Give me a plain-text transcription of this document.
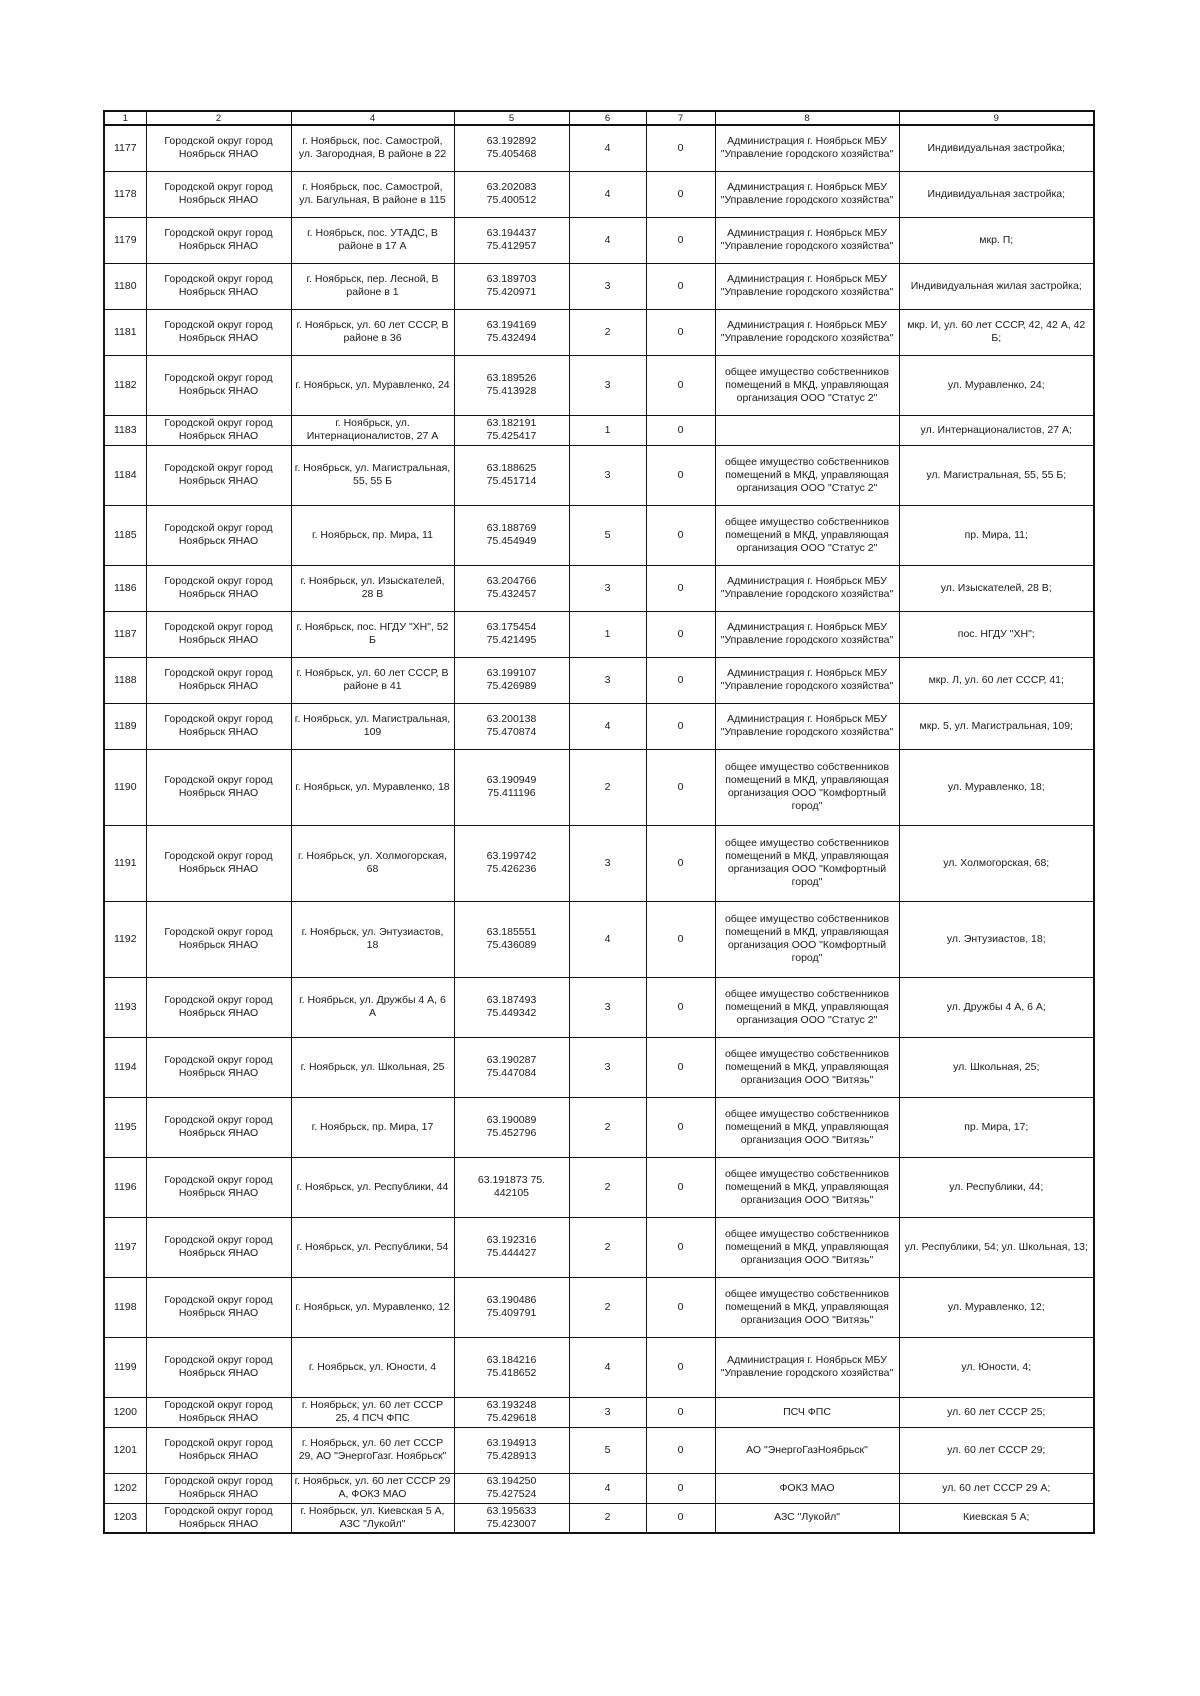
1	2	4	5	6	7	8	9
1177	Городской округ город Ноябрьск ЯНАО	г. Ноябрьск, пос. Самострой, ул. Загородная, В районе в 22	63.192892 75.405468	4	0	Администрация г. Ноябрьск МБУ "Управление городского хозяйства"	Индивидуальная застройка;
1178	Городской округ город Ноябрьск ЯНАО	г. Ноябрьск, пос. Самострой, ул. Багульная, В районе в 115	63.202083 75.400512	4	0	Администрация г. Ноябрьск МБУ "Управление городского хозяйства"	Индивидуальная застройка;
1179	Городской округ город Ноябрьск ЯНАО	г. Ноябрьск, пос. УТАДС, В районе в 17 А	63.194437 75.412957	4	0	Администрация г. Ноябрьск МБУ "Управление городского хозяйства"	мкр. П;
1180	Городской округ город Ноябрьск ЯНАО	г. Ноябрьск, пер. Лесной, В районе в 1	63.189703 75.420971	3	0	Администрация г. Ноябрьск МБУ "Управление городского хозяйства"	Индивидуальная жилая застройка;
1181	Городской округ город Ноябрьск ЯНАО	г. Ноябрьск, ул. 60 лет СССР, В районе в 36	63.194169 75.432494	2	0	Администрация г. Ноябрьск МБУ "Управление городского хозяйства"	мкр. И, ул. 60 лет СССР, 42, 42 А, 42 Б;
1182	Городской округ город Ноябрьск ЯНАО	г. Ноябрьск, ул. Муравленко, 24	63.189526 75.413928	3	0	общее имущество собственников помещений в МКД, управляющая организация ООО "Статус 2"	ул. Муравленко, 24;
1183	Городской округ город Ноябрьск ЯНАО	г. Ноябрьск, ул. Интернационалистов, 27 А	63.182191 75.425417	1	0		ул. Интернационалистов, 27 А;
1184	Городской округ город Ноябрьск ЯНАО	г. Ноябрьск, ул. Магистральная, 55, 55 Б	63.188625 75.451714	3	0	общее имущество собственников помещений в МКД, управляющая организация ООО "Статус 2"	ул. Магистральная, 55, 55 Б;
1185	Городской округ город Ноябрьск ЯНАО	г. Ноябрьск, пр. Мира, 11	63.188769 75.454949	5	0	общее имущество собственников помещений в МКД, управляющая организация ООО "Статус 2"	пр. Мира, 11;
1186	Городской округ город Ноябрьск ЯНАО	г. Ноябрьск, ул. Изыскателей, 28 В	63.204766 75.432457	3	0	Администрация г. Ноябрьск МБУ "Управление городского хозяйства"	ул. Изыскателей, 28 В;
1187	Городской округ город Ноябрьск ЯНАО	г. Ноябрьск, пос. НГДУ "ХН", 52 Б	63.175454 75.421495	1	0	Администрация г. Ноябрьск МБУ "Управление городского хозяйства"	пос. НГДУ "ХН";
1188	Городской округ город Ноябрьск ЯНАО	г. Ноябрьск, ул. 60 лет СССР, В районе в 41	63.199107 75.426989	3	0	Администрация г. Ноябрьск МБУ "Управление городского хозяйства"	мкр. Л, ул. 60 лет СССР, 41;
1189	Городской округ город Ноябрьск ЯНАО	г. Ноябрьск, ул. Магистральная, 109	63.200138 75.470874	4	0	Администрация г. Ноябрьск МБУ "Управление городского хозяйства"	мкр. 5, ул. Магистральная, 109;
1190	Городской округ город Ноябрьск ЯНАО	г. Ноябрьск, ул. Муравленко, 18	63.190949 75.411196	2	0	общее имущество собственников помещений в МКД, управляющая организация ООО "Комфортный город"	ул. Муравленко, 18;
1191	Городской округ город Ноябрьск ЯНАО	г. Ноябрьск, ул. Холмогорская, 68	63.199742 75.426236	3	0	общее имущество собственников помещений в МКД, управляющая организация ООО "Комфортный город"	ул. Холмогорская, 68;
1192	Городской округ город Ноябрьск ЯНАО	г. Ноябрьск, ул. Энтузиастов, 18	63.185551 75.436089	4	0	общее имущество собственников помещений в МКД, управляющая организация ООО "Комфортный город"	ул. Энтузиастов, 18;
1193	Городской округ город Ноябрьск ЯНАО	г. Ноябрьск, ул. Дружбы 4 А, 6 А	63.187493 75.449342	3	0	общее имущество собственников помещений в МКД, управляющая организация ООО "Статус 2"	ул. Дружбы 4 А, 6 А;
1194	Городской округ город Ноябрьск ЯНАО	г. Ноябрьск, ул. Школьная, 25	63.190287 75.447084	3	0	общее имущество собственников помещений в МКД, управляющая организация ООО "Витязь"	ул. Школьная, 25;
1195	Городской округ город Ноябрьск ЯНАО	г. Ноябрьск, пр. Мира, 17	63.190089 75.452796	2	0	общее имущество собственников помещений в МКД, управляющая организация ООО "Витязь"	пр. Мира, 17;
1196	Городской округ город Ноябрьск ЯНАО	г. Ноябрьск, ул. Республики, 44	63.191873 75. 442105	2	0	общее имущество собственников помещений в МКД, управляющая организация ООО "Витязь"	ул. Республики, 44;
1197	Городской округ город Ноябрьск ЯНАО	г. Ноябрьск, ул. Республики, 54	63.192316 75.444427	2	0	общее имущество собственников помещений в МКД, управляющая организация ООО "Витязь"	ул. Республики, 54; ул. Школьная, 13;
1198	Городской округ город Ноябрьск ЯНАО	г. Ноябрьск, ул. Муравленко, 12	63.190486 75.409791	2	0	общее имущество собственников помещений в МКД, управляющая организация ООО "Витязь"	ул. Муравленко, 12;
1199	Городской округ город Ноябрьск ЯНАО	г. Ноябрьск, ул. Юности, 4	63.184216 75.418652	4	0	Администрация г. Ноябрьск МБУ "Управление городского хозяйства"	ул. Юности, 4;
1200	Городской округ город Ноябрьск ЯНАО	г. Ноябрьск, ул. 60 лет СССР 25, 4 ПСЧ ФПС	63.193248 75.429618	3	0	ПСЧ ФПС	ул. 60 лет СССР 25;
1201	Городской округ город Ноябрьск ЯНАО	г. Ноябрьск, ул. 60 лет СССР 29, АО "ЭнергоГазг. Ноябрьск"	63.194913 75.428913	5	0	АО "ЭнергоГазНоябрьск"	ул. 60 лет СССР 29;
1202	Городской округ город Ноябрьск ЯНАО	г. Ноябрьск, ул. 60 лет СССР 29 А, ФОКЗ МАО	63.194250 75.427524	4	0	ФОКЗ МАО	ул. 60 лет СССР 29 А;
1203	Городской округ город Ноябрьск ЯНАО	г. Ноябрьск, ул. Киевская 5 А, АЗС "Лукойл"	63.195633 75.423007	2	0	АЗС "Лукойл"	Киевская 5 А;
